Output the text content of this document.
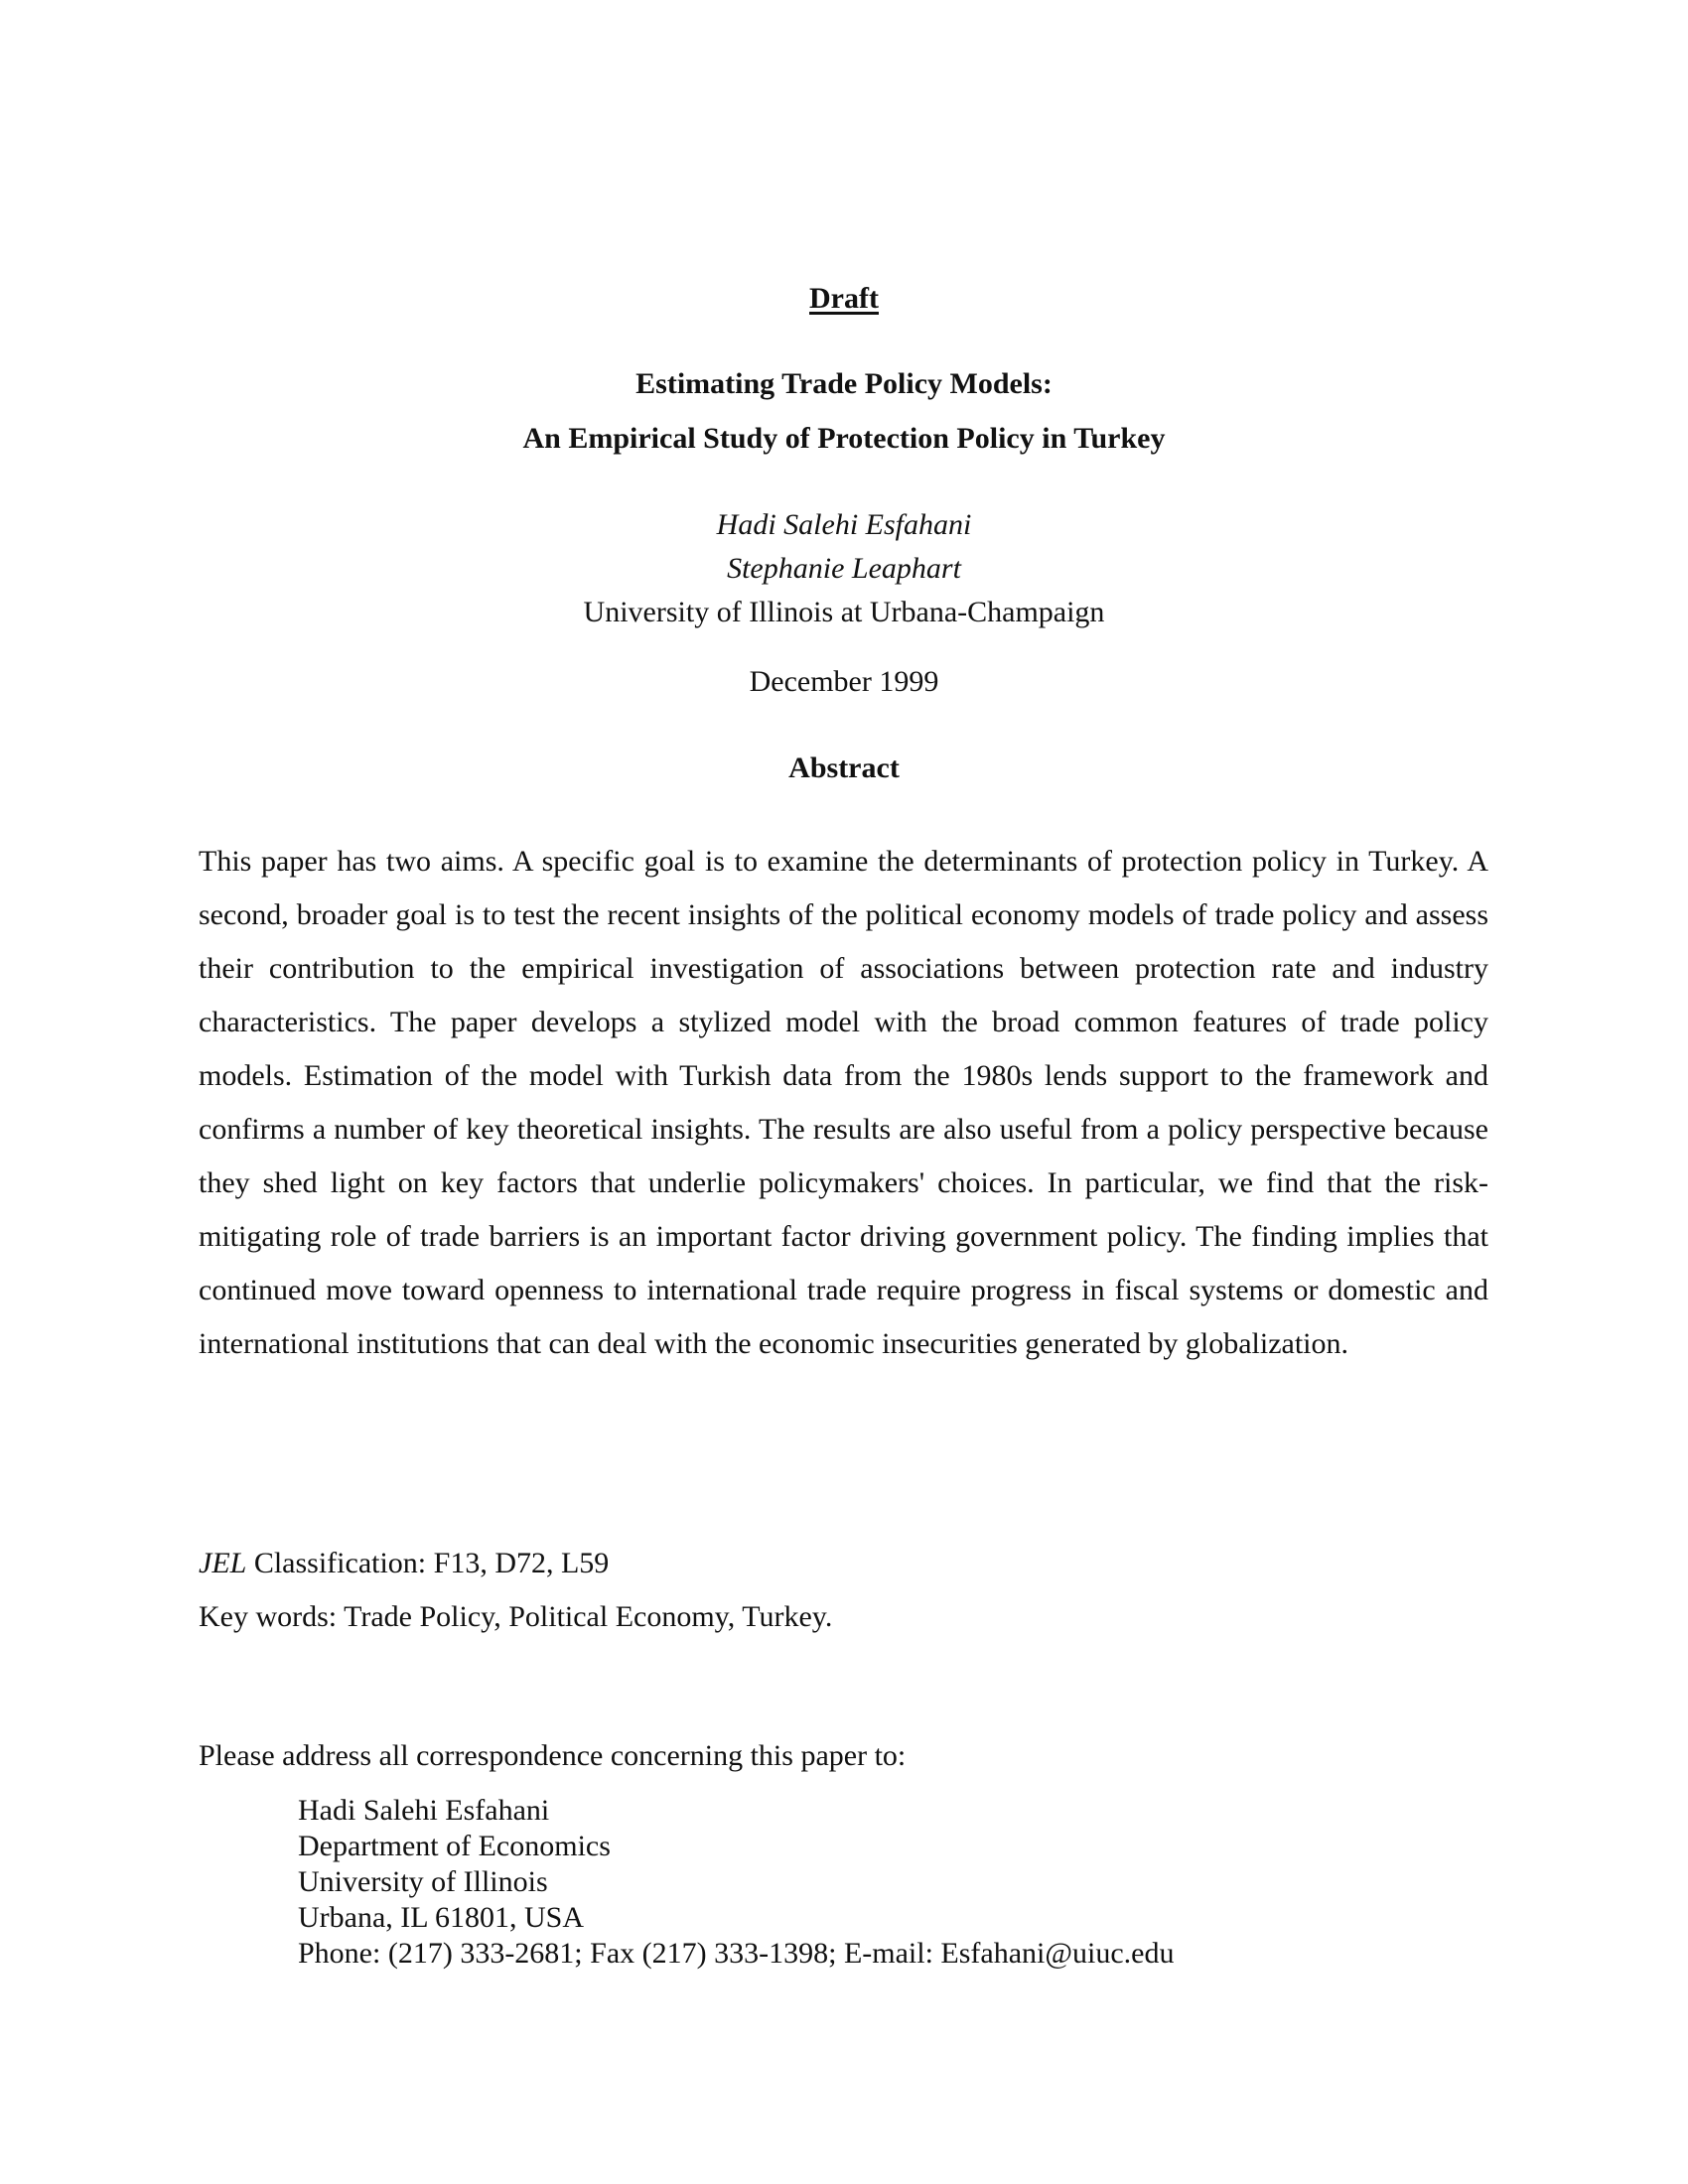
Draft
Estimating Trade Policy Models:
An Empirical Study of Protection Policy in Turkey
Hadi Salehi Esfahani
Stephanie Leaphart
University of Illinois at Urbana-Champaign
December 1999
Abstract
This paper has two aims. A specific goal is to examine the determinants of protection policy in Turkey. A second, broader goal is to test the recent insights of the political economy models of trade policy and assess their contribution to the empirical investigation of associations between protection rate and industry characteristics. The paper develops a stylized model with the broad common features of trade policy models. Estimation of the model with Turkish data from the 1980s lends support to the framework and confirms a number of key theoretical insights. The results are also useful from a policy perspective because they shed light on key factors that underlie policymakers' choices. In particular, we find that the risk-mitigating role of trade barriers is an important factor driving government policy. The finding implies that continued move toward openness to international trade require progress in fiscal systems or domestic and international institutions that can deal with the economic insecurities generated by globalization.
JEL Classification: F13, D72, L59
Key words: Trade Policy, Political Economy, Turkey.
Please address all correspondence concerning this paper to:
Hadi Salehi Esfahani
Department of Economics
University of Illinois
Urbana, IL 61801, USA
Phone: (217) 333-2681; Fax (217) 333-1398; E-mail: Esfahani@uiuc.edu
